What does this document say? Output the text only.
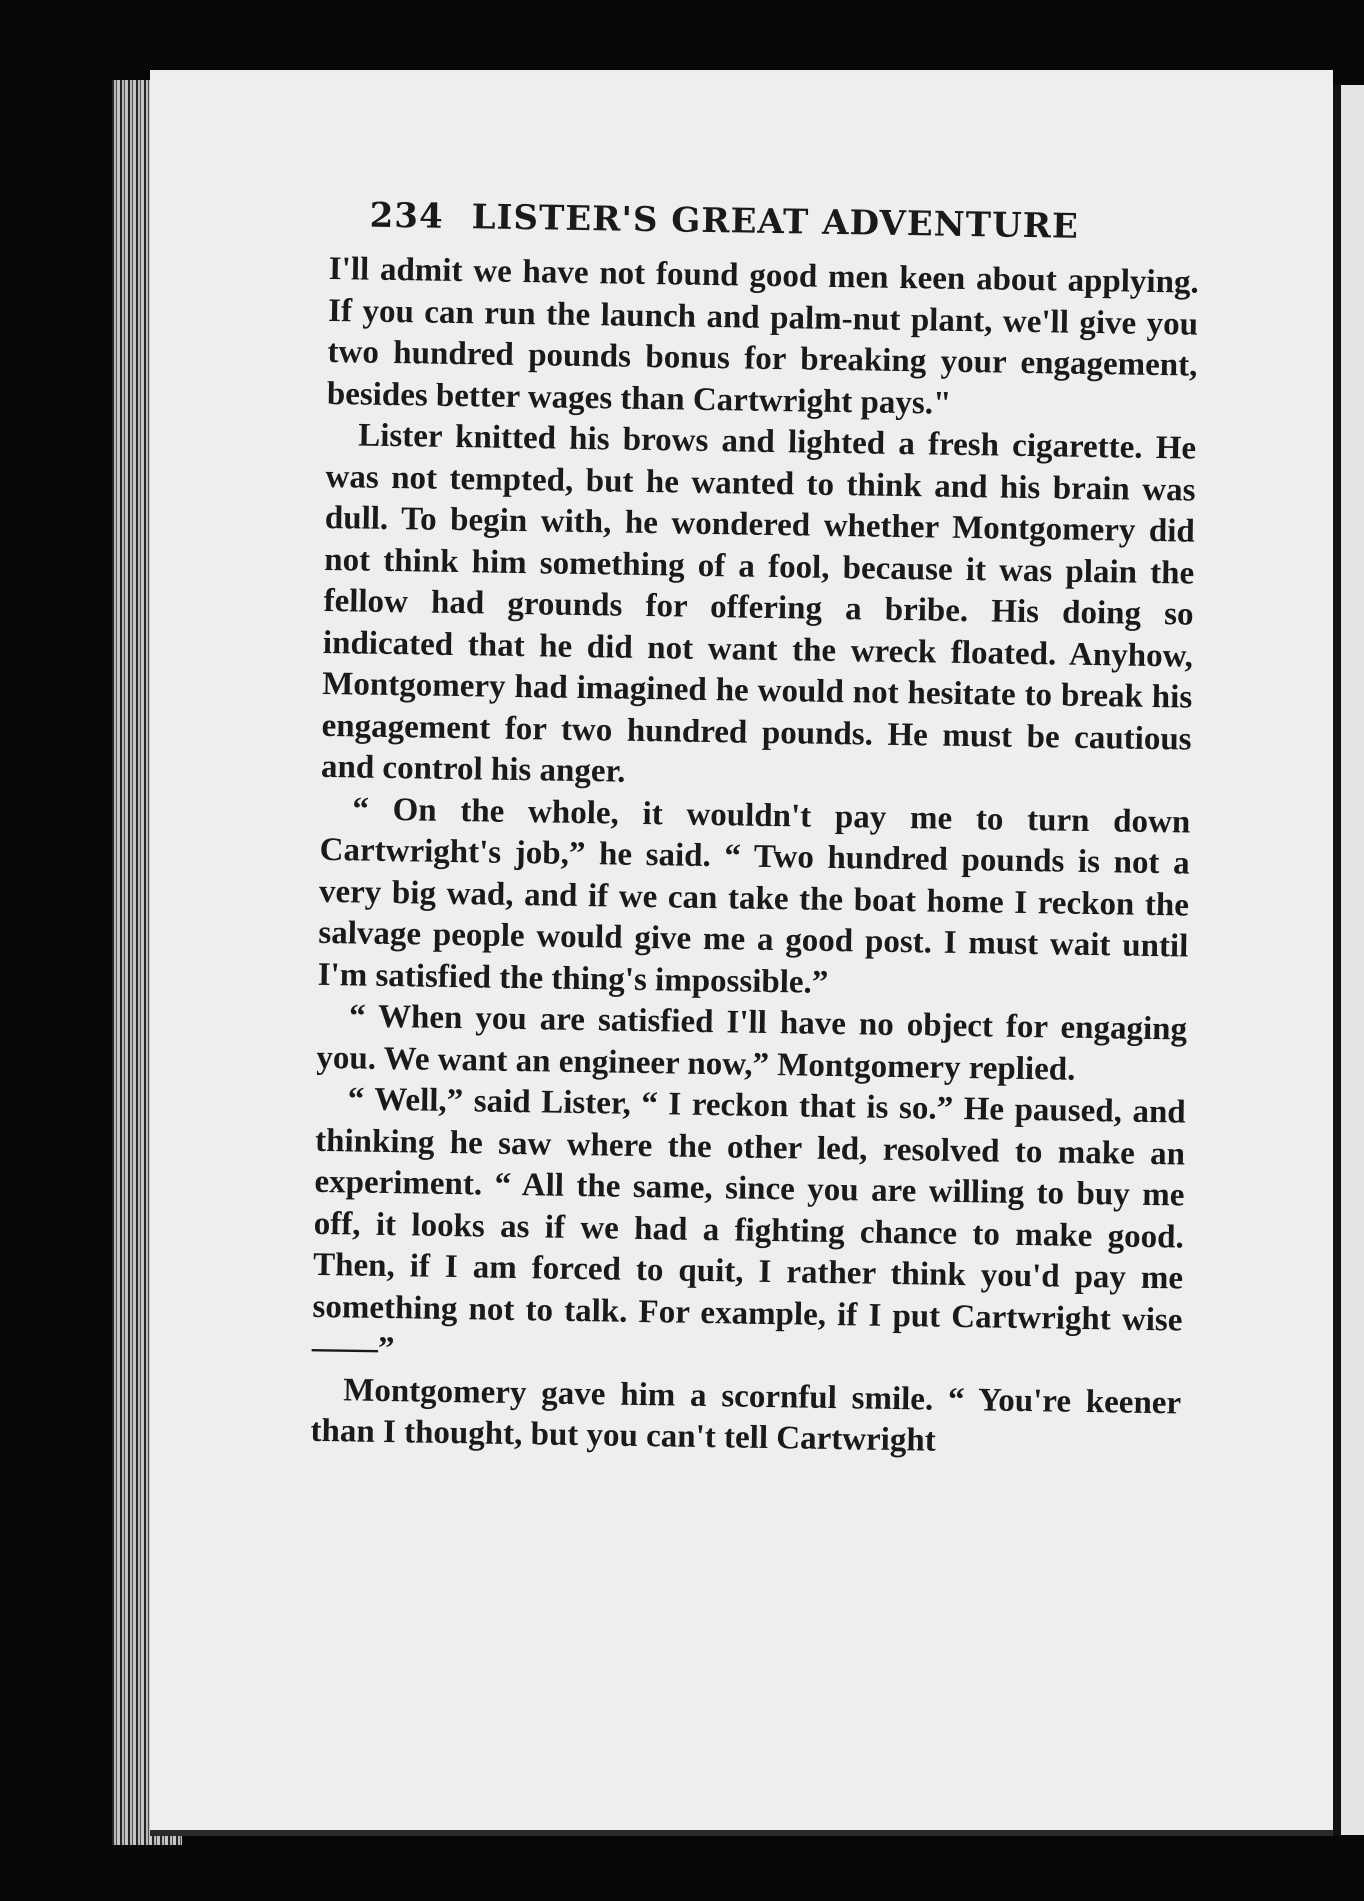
234 LISTER'S GREAT ADVENTURE

I'll admit we have not found good men keen about applying. If you can run the launch and palm-nut plant, we'll give you two hundred pounds bonus for breaking your engagement, besides better wages than Cartwright pays."

Lister knitted his brows and lighted a fresh cigarette. He was not tempted, but he wanted to think and his brain was dull. To begin with, he wondered whether Montgomery did not think him something of a fool, because it was plain the fellow had grounds for offering a bribe. His doing so indicated that he did not want the wreck floated. Anyhow, Montgomery had imagined he would not hesitate to break his engagement for two hundred pounds. He must be cautious and control his anger.

“ On the whole, it wouldn't pay me to turn down Cartwright's job,” he said. “ Two hundred pounds is not a very big wad, and if we can take the boat home I reckon the salvage people would give me a good post. I must wait until I'm satisfied the thing's impossible.”

“ When you are satisfied I'll have no object for engaging you. We want an engineer now,” Montgomery replied.

“ Well,” said Lister, “ I reckon that is so.” He paused, and thinking he saw where the other led, resolved to make an experiment. “ All the same, since you are willing to buy me off, it looks as if we had a fighting chance to make good. Then, if I am forced to quit, I rather think you'd pay me something not to talk. For example, if I put Cartwright wise ——”

Montgomery gave him a scornful smile. “ You're keener than I thought, but you can't tell Cartwright
